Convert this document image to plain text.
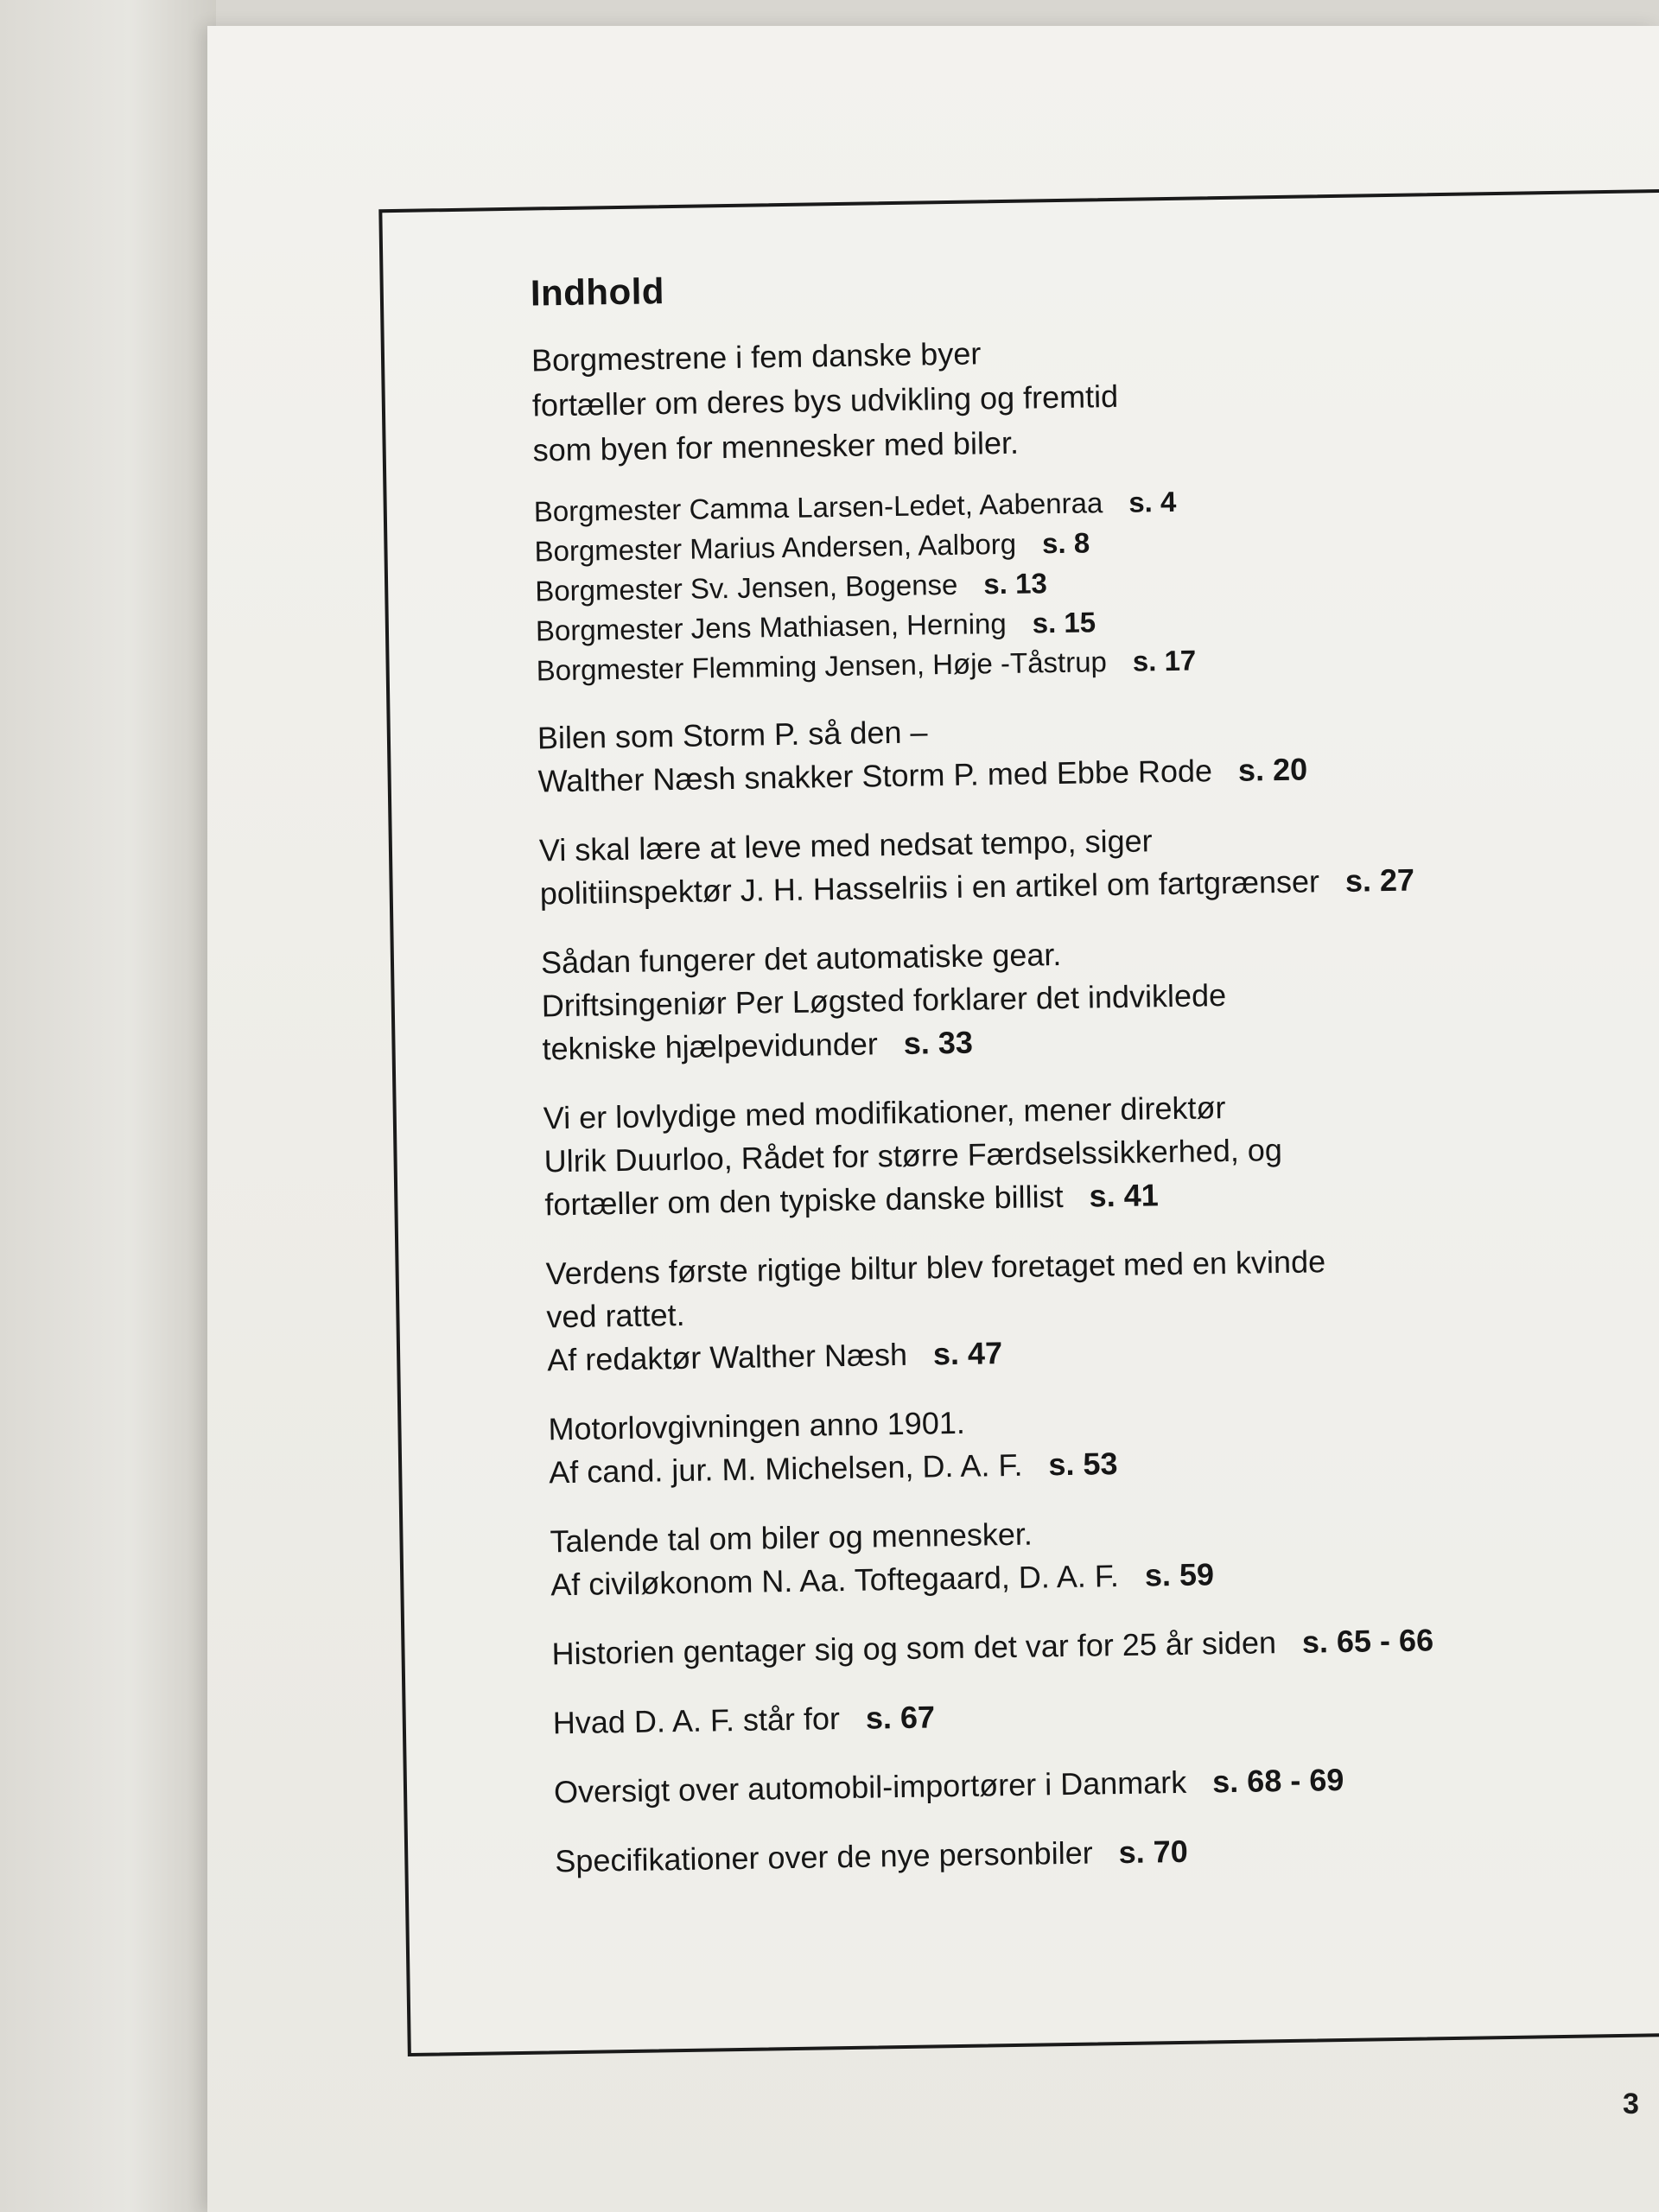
Indhold
Borgmestrene i fem danske byer
fortæller om deres bys udvikling og fremtid
som byen for mennesker med biler.
Borgmester Camma Larsen-Ledet, Aabenraa s. 4
Borgmester Marius Andersen, Aalborg s. 8
Borgmester Sv. Jensen, Bogense s. 13
Borgmester Jens Mathiasen, Herning s. 15
Borgmester Flemming Jensen, Høje -Tåstrup s. 17
Bilen som Storm P. så den –
Walther Næsh snakker Storm P. med Ebbe Rode s. 20
Vi skal lære at leve med nedsat tempo, siger
politiinspektør J. H. Hasselriis i en artikel om fartgrænser s. 27
Sådan fungerer det automatiske gear.
Driftsingeniør Per Løgsted forklarer det indviklede
tekniske hjælpevidunder s. 33
Vi er lovlydige med modifikationer, mener direktør
Ulrik Duurloo, Rådet for større Færdselssikkerhed, og
fortæller om den typiske danske billist s. 41
Verdens første rigtige biltur blev foretaget med en kvinde
ved rattet.
Af redaktør Walther Næsh s. 47
Motorlovgivningen anno 1901.
Af cand. jur. M. Michelsen, D. A. F. s. 53
Talende tal om biler og mennesker.
Af civiløkonom N. Aa. Toftegaard, D. A. F. s. 59
Historien gentager sig og som det var for 25 år siden s. 65 - 66
Hvad D. A. F. står for s. 67
Oversigt over automobil-importører i Danmark s. 68 - 69
Specifikationer over de nye personbiler s. 70
3
